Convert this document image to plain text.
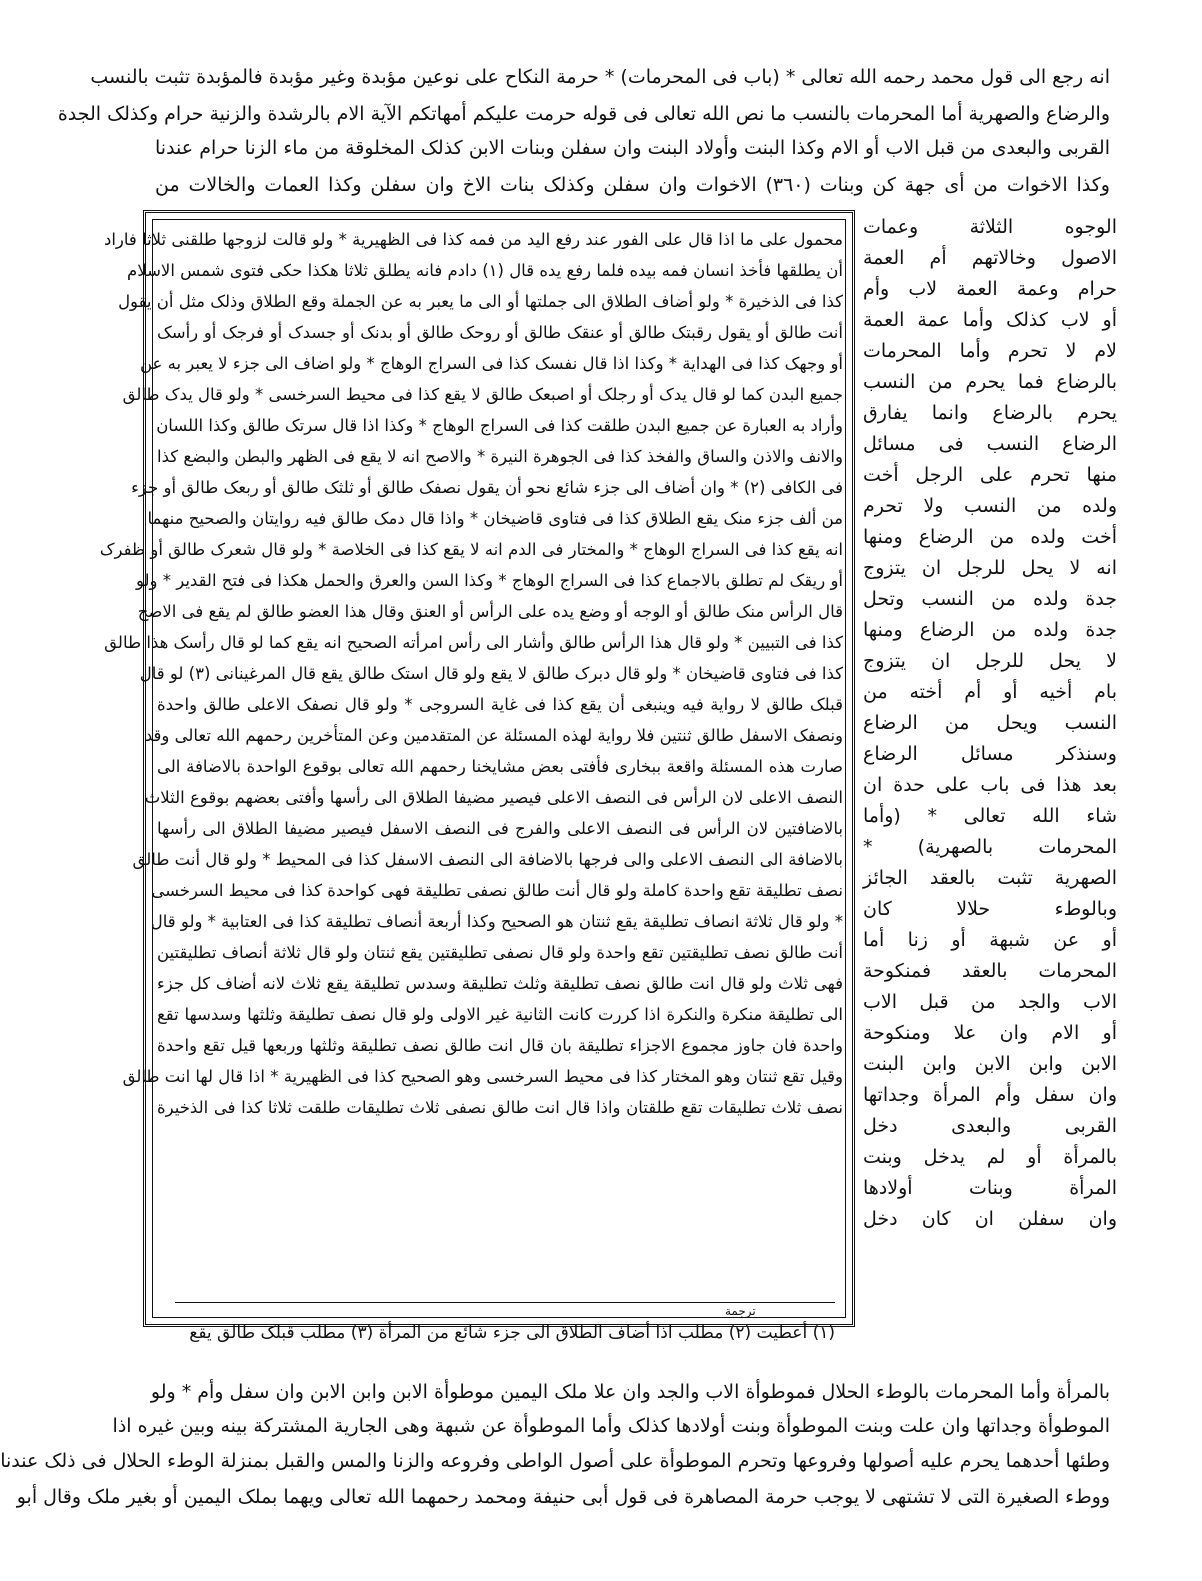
انه رجع الی قول محمد رحمه الله تعالی * (باب فی المحرمات) * حرمة النکاح علی نوعین مؤبدة وغیر مؤبدة فالمؤبدة تثبت بالنسب
والرضاع والصهریة أما المحرمات بالنسب ما نص الله تعالی فی قوله حرمت علیکم أمهاتکم الآیة الام بالرشدة والزنیة حرام وکذلک الجدة
القربی والبعدی من قبل الاب أو الام وکذا البنت وأولاد البنت وان سفلن وبنات الابن کذلک المخلوقة من ماء الزنا حرام عندنا
وکذا الاخوات من أی جهة کن وبنات (٣٦٠) الاخوات وان سفلن وکذلک بنات الاخ وان سفلن وکذا العمات والخالات من
محمول علی ما اذا قال علی الفور عند رفع الید من فمه کذا فی الظهیریة * ولو قالت لزوجها طلقنی ثلاثا فاراد
أن یطلقها فأخذ انسان فمه بیده فلما رفع یده قال (١) دادم فانه یطلق ثلاثا هکذا حکی فتوی شمس الاسلام
کذا فی الذخیرة * ولو أضاف الطلاق الی جملتها أو الی ما یعبر به عن الجملة وقع الطلاق وذلک مثل أن یقول
أنت طالق أو یقول رقبتک طالق أو عنقک طالق أو روحک طالق أو بدنک أو جسدک أو فرجک أو رأسک
أو وجهک کذا فی الهدایة * وکذا اذا قال نفسک کذا فی السراج الوهاج * ولو اضاف الی جزء لا یعبر به عن
جمیع البدن کما لو قال یدک أو رجلک أو اصبعک طالق لا یقع کذا فی محیط السرخسی * ولو قال یدک طالق
وأراد به العبارة عن جمیع البدن طلقت کذا فی السراج الوهاج * وکذا اذا قال سرتک طالق وکذا اللسان
والانف والاذن والساق والفخذ کذا فی الجوهرة النیرة * والاصح انه لا یقع فی الظهر والبطن والبضع کذا
فی الکافی (٢) * وان أضاف الی جزء شائع نحو أن یقول نصفک طالق أو ثلثک طالق أو ربعک طالق أو جزء
من ألف جزء منک یقع الطلاق کذا فی فتاوی قاضیخان * واذا قال دمک طالق فیه روایتان والصحیح منهما
انه یقع کذا فی السراج الوهاج * والمختار فی الدم انه لا یقع کذا فی الخلاصة * ولو قال شعرک طالق أو ظفرک
أو ریقک لم تطلق بالاجماع کذا فی السراج الوهاج * وکذا السن والعرق والحمل هکذا فی فتح القدیر * ولو
قال الرأس منک طالق أو الوجه أو وضع یده علی الرأس أو العنق وقال هذا العضو طالق لم یقع فی الاصح
کذا فی التبیین * ولو قال هذا الرأس طالق وأشار الی رأس امرأته الصحیح انه یقع کما لو قال رأسک هذا طالق
کذا فی فتاوی قاضیخان * ولو قال دبرک طالق لا یقع ولو قال استک طالق یقع قال المرغینانی (٣) لو قال
قبلک طالق لا روایة فیه وینبغی أن یقع کذا فی غایة السروجی * ولو قال نصفک الاعلی طالق واحدة
ونصفک الاسفل طالق ثنتین فلا روایة لهذه المسئلة عن المتقدمین وعن المتأخرین رحمهم الله تعالی وقد
صارت هذه المسئلة واقعة ببخاری فأفتی بعض مشایخنا رحمهم الله تعالی بوقوع الواحدة بالاضافة الی
النصف الاعلی لان الرأس فی النصف الاعلی فیصیر مضیفا الطلاق الی رأسها وأفتی بعضهم بوقوع الثلاث
بالاضافتین لان الرأس فی النصف الاعلی والفرج فی النصف الاسفل فیصیر مضیفا الطلاق الی رأسها
بالاضافة الی النصف الاعلی والی فرجها بالاضافة الی النصف الاسفل کذا فی المحیط * ولو قال أنت طالق
نصف تطلیقة تقع واحدة کاملة ولو قال أنت طالق نصفی تطلیقة فهی کواحدة کذا فی محیط السرخسی
* ولو قال ثلاثة انصاف تطلیقة یقع ثنتان هو الصحیح وکذا أربعة أنصاف تطلیقة کذا فی العتابیة * ولو قال
أنت طالق نصف تطلیقتین تقع واحدة ولو قال نصفی تطلیقتین یقع ثنتان ولو قال ثلاثة أنصاف تطلیقتین
فهی ثلاث ولو قال انت طالق نصف تطلیقة وثلث تطلیقة وسدس تطلیقة یقع ثلاث لانه أضاف کل جزء
الی تطلیقة منکرة والنکرة اذا کررت کانت الثانیة غیر الاولی ولو قال نصف تطلیقة وثلثها وسدسها تقع
واحدة فان جاوز مجموع الاجزاء تطلیقة بان قال انت طالق نصف تطلیقة وثلثها وربعها قیل تقع واحدة
وقیل تقع ثنتان وهو المختار کذا فی محیط السرخسی وهو الصحیح کذا فی الظهیریة * اذا قال لها انت طالق
نصف ثلاث تطلیقات تقع طلقتان واذا قال انت طالق نصفی ثلاث تطلیقات طلقت ثلاثا کذا فی الذخیرة
ترجمة
(١) أعطیت (٢) مطلب اذا أضاف الطلاق الی جزء شائع من المرأة (٣) مطلب قبلک طالق یقع
الوجوه الثلاثة وعمات
الاصول وخالاتهم أم العمة
حرام وعمة العمة لاب وأم
أو لاب کذلک وأما عمة العمة
لام لا تحرم وأما المحرمات
بالرضاع فما یحرم من النسب
یحرم بالرضاع وانما یفارق
الرضاع النسب فی مسائل
منها تحرم علی الرجل أخت
ولده من النسب ولا تحرم
أخت ولده من الرضاع ومنها
انه لا یحل للرجل ان یتزوج
جدة ولده من النسب وتحل
جدة ولده من الرضاع ومنها
لا یحل للرجل ان یتزوج
بام أخیه أو أم أخته من
النسب ویحل من الرضاع
وسنذکر مسائل الرضاع
بعد هذا فی باب علی حدة ان
شاء الله تعالی * (وأما
المحرمات بالصهریة) *
الصهریة تثبت بالعقد الجائز
وبالوطء حلالا کان
أو عن شبهة أو زنا أما
المحرمات بالعقد فمنکوحة
الاب والجد من قبل الاب
أو الام وان علا ومنکوحة
الابن وابن الابن وابن البنت
وان سفل وأم المرأة وجداتها
القربی والبعدی دخل
بالمرأة أو لم یدخل وبنت
المرأة وبنات أولادها
وان سفلن ان کان دخل
بالمرأة وأما المحرمات بالوطء الحلال فموطوأة الاب والجد وان علا ملک الیمین موطوأة الابن وابن الابن وان سفل وأم * ولو
الموطوأة وجداتها وان علت وبنت الموطوأة وبنت أولادها کذلک وأما الموطوأة عن شبهة وهی الجاریة المشترکة بینه وبین غیره اذا
وطئها أحدهما یحرم علیه أصولها وفروعها وتحرم الموطوأة علی أصول الواطی وفروعه والزنا والمس والقبل بمنزلة الوطء الحلال فی ذلک عندنا
ووطء الصغیرة التی لا تشتهی لا یوجب حرمة المصاهرة فی قول أبی حنیفة ومحمد رحمهما الله تعالی ویهما بملک الیمین أو بغیر ملک وقال أبو
